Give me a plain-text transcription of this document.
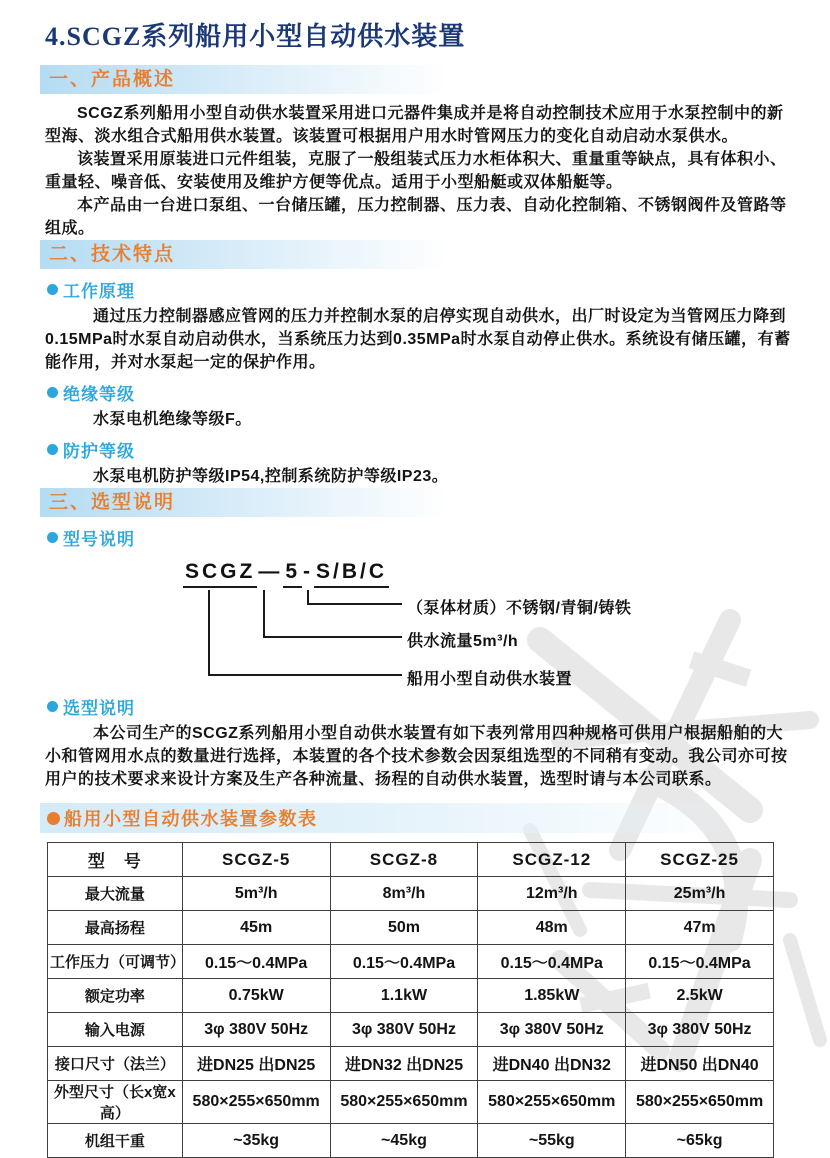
4.SCGZ系列船用小型自动供水装置
一、产品概述

SCGZ系列船用小型自动供水装置采用进口元器件集成并是将自动控制技术应用于水泵控制中的新型海、淡水组合式船用供水装置。该装置可根据用户用水时管网压力的变化自动启动水泵供水。

该装置采用原装进口元件组装，克服了一般组装式压力水柜体积大、重量重等缺点，具有体积小、重量轻、噪音低、安装使用及维护方便等优点。适用于小型船艇或双体船艇等。

本产品由一台进口泵组、一台储压罐，压力控制器、压力表、自动化控制箱、不锈钢阀件及管路等组成。

二、技术特点
工作原理

通过压力控制器感应管网的压力并控制水泵的启停实现自动供水，出厂时设定为当管网压力降到0.15MPa时水泵自动启动供水，当系统压力达到0.35MPa时水泵自动停止供水。系统设有储压罐，有蓄能作用，并对水泵起一定的保护作用。

绝缘等级

水泵电机绝缘等级F。

防护等级

水泵电机防护等级IP54,控制系统防护等级IP23。

三、选型说明
型号说明
SCGZ — 5 - S/B/C
船用小型自动供水装置
供水流量5m³/h
（泵体材质）不锈钢/青铜/铸铁
选型说明

本公司生产的SCGZ系列船用小型自动供水装置有如下表列常用四种规格可供用户根据船舶的大小和管网用水点的数量进行选择，本装置的各个技术参数会因泵组选型的不同稍有变动。我公司亦可按用户的技术要求来设计方案及生产各种流量、扬程的自动供水装置，选型时请与本公司联系。

船用小型自动供水装置参数表
型　号	SCGZ-5	SCGZ-8	SCGZ-12	SCGZ-25
最大流量	5m³/h	8m³/h	12m³/h	25m³/h
最高扬程	45m	50m	48m	47m
工作压力（可调节）	0.15～0.4MPa	0.15～0.4MPa	0.15～0.4MPa	0.15～0.4MPa
额定功率	0.75kW	1.1kW	1.85kW	2.5kW
输入电源	3φ 380V 50Hz	3φ 380V 50Hz	3φ 380V 50Hz	3φ 380V 50Hz
接口尺寸（法兰）	进DN25 出DN25	进DN32 出DN25	进DN40 出DN32	进DN50 出DN40
外型尺寸（长x宽x高）	580×255×650mm	580×255×650mm	580×255×650mm	580×255×650mm
机组干重	~35kg	~45kg	~55kg	~65kg
